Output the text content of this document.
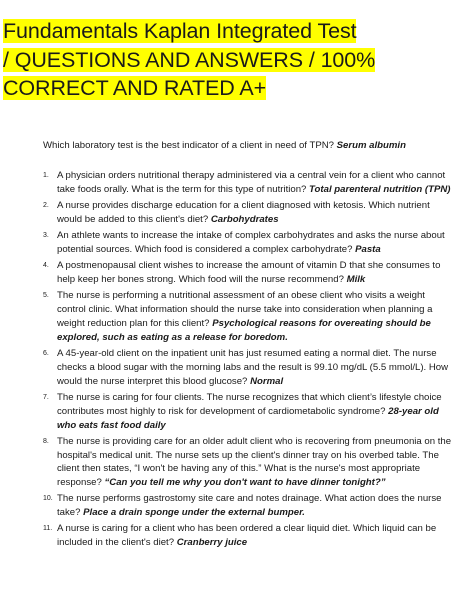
Fundamentals Kaplan Integrated Test
/ QUESTIONS AND ANSWERS / 100%
CORRECT AND RATED A+

Which laboratory test is the best indicator of a client in need of TPN? Serum albumin

1. A physician orders nutritional therapy administered via a central vein for a client who cannot take foods orally. What is the term for this type of nutrition? Total parenteral nutrition (TPN)
2. A nurse provides discharge education for a client diagnosed with ketosis. Which nutrient would be added to this client's diet? Carbohydrates
3. An athlete wants to increase the intake of complex carbohydrates and asks the nurse about potential sources. Which food is considered a complex carbohydrate? Pasta
4. A postmenopausal client wishes to increase the amount of vitamin D that she consumes to help keep her bones strong. Which food will the nurse recommend? Milk
5. The nurse is performing a nutritional assessment of an obese client who visits a weight control clinic. What information should the nurse take into consideration when planning a weight reduction plan for this client? Psychological reasons for overeating should be explored, such as eating as a release for boredom.
6. A 45-year-old client on the inpatient unit has just resumed eating a normal diet. The nurse checks a blood sugar with the morning labs and the result is 99.10 mg/dL (5.5 mmol/L). How would the nurse interpret this blood glucose? Normal
7. The nurse is caring for four clients. The nurse recognizes that which client’s lifestyle choice contributes most highly to risk for development of cardiometabolic syndrome? 28-year old who eats fast food daily
8. The nurse is providing care for an older adult client who is recovering from pneumonia on the hospital's medical unit. The nurse sets up the client's dinner tray on his overbed table. The client then states, “I won't be having any of this.” What is the nurse's most appropriate response? “Can you tell me why you don't want to have dinner tonight?”
10. The nurse performs gastrostomy site care and notes drainage. What action does the nurse take? Place a drain sponge under the external bumper.
11. A nurse is caring for a client who has been ordered a clear liquid diet. Which liquid can be included in the client's diet? Cranberry juice
